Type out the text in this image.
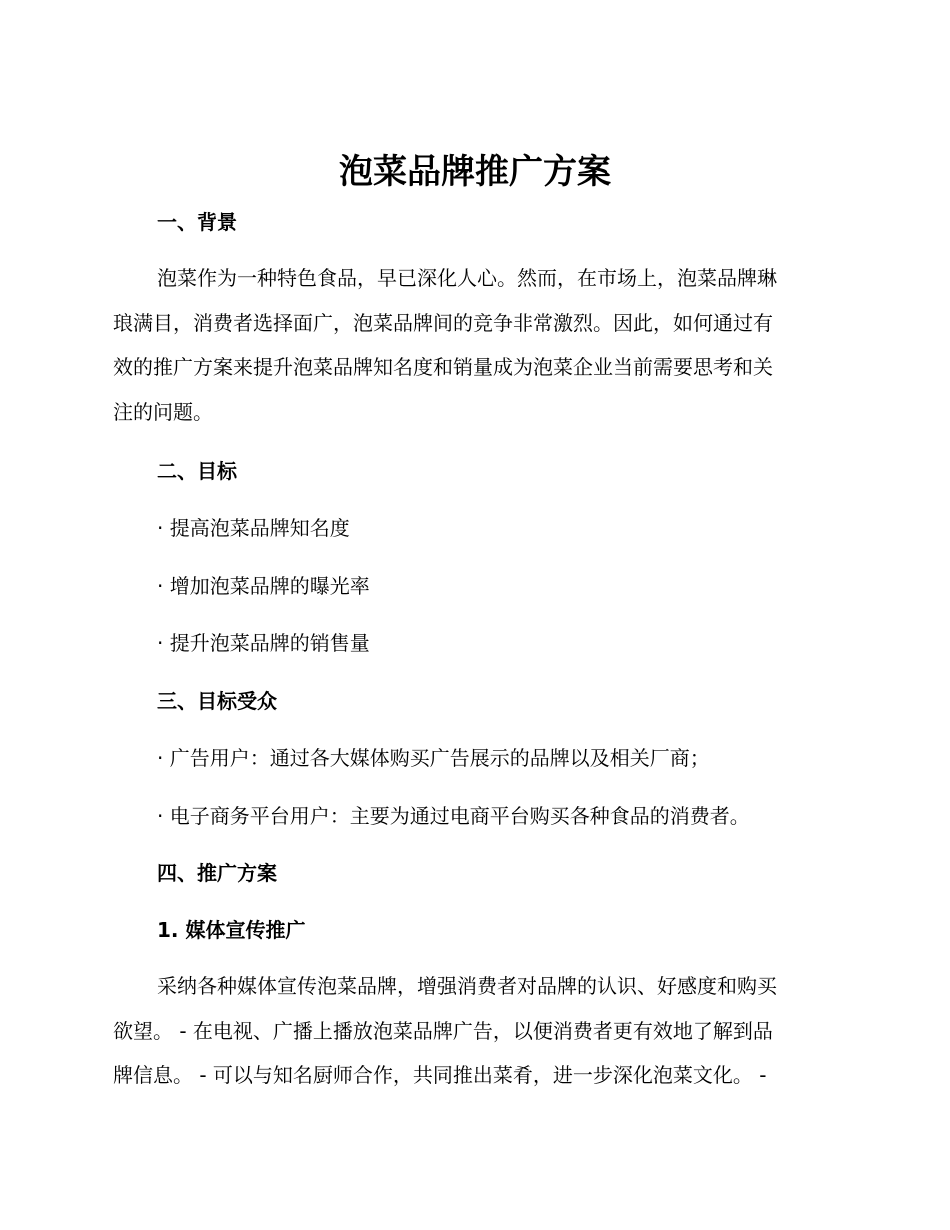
泡菜品牌推广方案
一、背景
泡菜作为一种特色食品，早已深化人心。然而，在市场上，泡菜品牌琳
琅满目，消费者选择面广，泡菜品牌间的竞争非常激烈。因此，如何通过有
效的推广方案来提升泡菜品牌知名度和销量成为泡菜企业当前需要思考和关
注的问题。
二、目标
· 提高泡菜品牌知名度
· 增加泡菜品牌的曝光率
· 提升泡菜品牌的销售量
三、目标受众
· 广告用户：通过各大媒体购买广告展示的品牌以及相关厂商；
· 电子商务平台用户：主要为通过电商平台购买各种食品的消费者。
四、推广方案
1. 媒体宣传推广
采纳各种媒体宣传泡菜品牌，增强消费者对品牌的认识、好感度和购买
欲望。 - 在电视、广播上播放泡菜品牌广告，以便消费者更有效地了解到品
牌信息。 - 可以与知名厨师合作，共同推出菜肴，进一步深化泡菜文化。 -
